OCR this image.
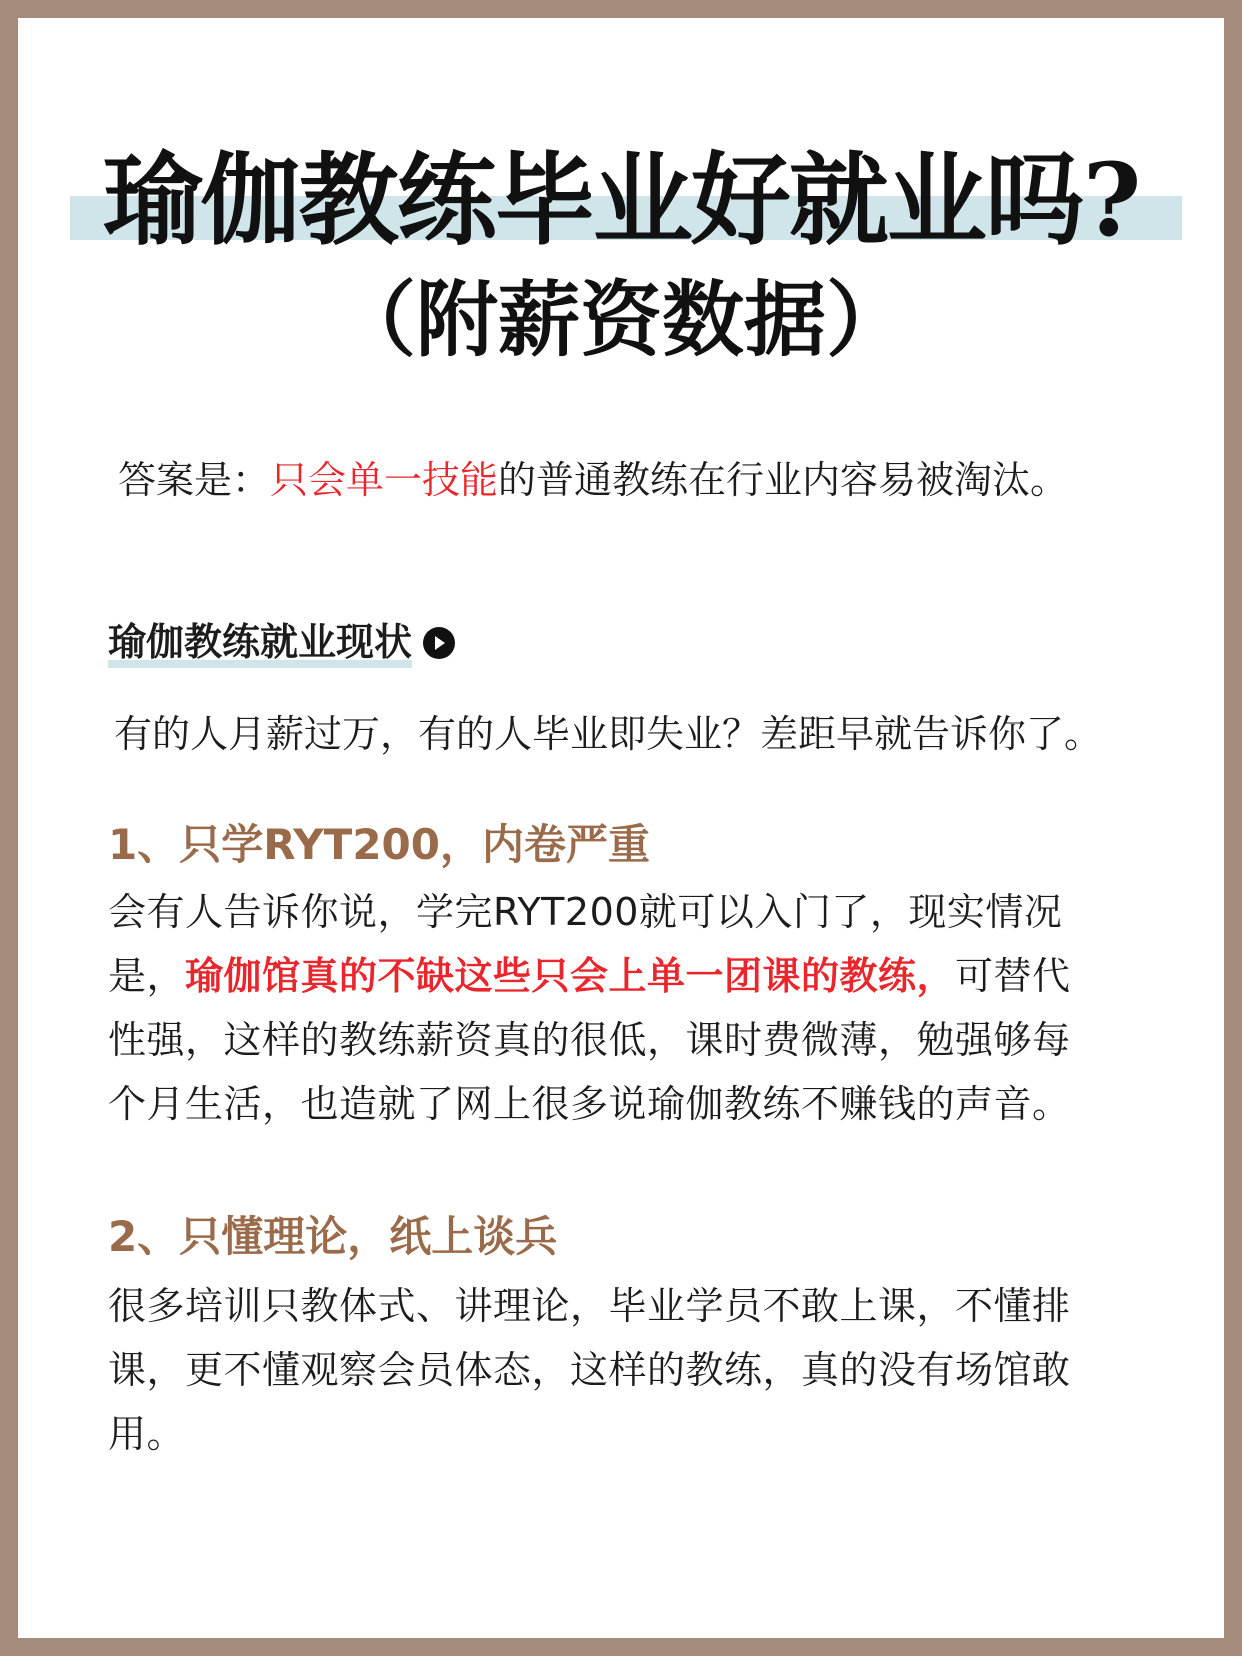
瑜伽教练毕业好就业吗?
（附薪资数据）

答案是：只会单一技能的普通教练在行业内容易被淘汰。

瑜伽教练就业现状

有的人月薪过万，有的人毕业即失业？差距早就告诉你了。

1、只学RYT200，内卷严重

会有人告诉你说，学完RYT200就可以入门了，现实情况
是，瑜伽馆真的不缺这些只会上单一团课的教练，可替代
性强，这样的教练薪资真的很低，课时费微薄，勉强够每
个月生活，也造就了网上很多说瑜伽教练不赚钱的声音。

2、只懂理论，纸上谈兵

很多培训只教体式、讲理论，毕业学员不敢上课，不懂排
课，更不懂观察会员体态，这样的教练，真的没有场馆敢
用。
